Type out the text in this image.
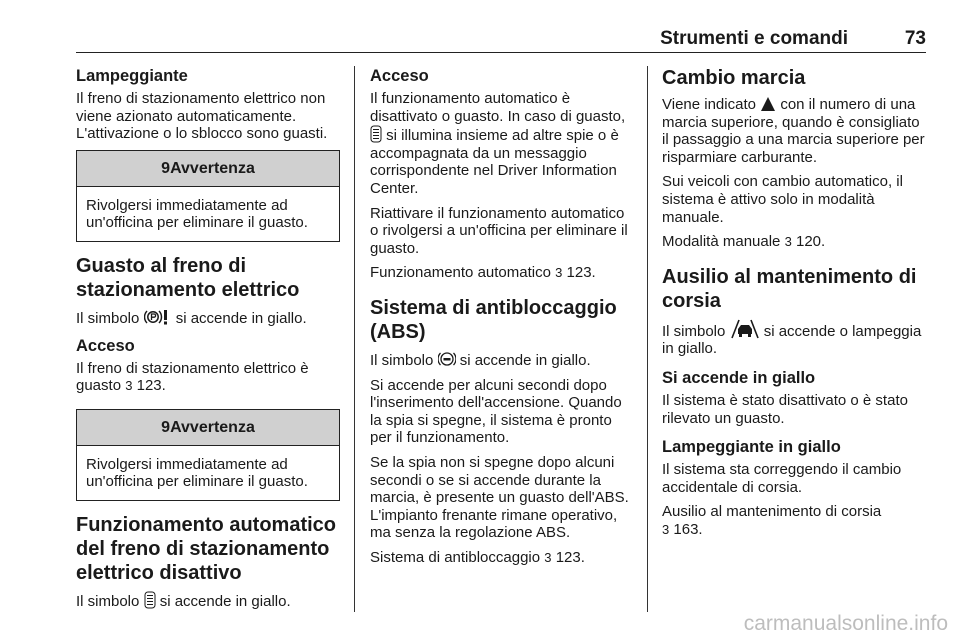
Strumenti e comandi	73
Lampeggiante
Il freno di stazionamento elettrico non viene azionato automaticamente. L'attivazione o lo sblocco sono guasti.
9Avvertenza
Rivolgersi immediatamente ad un'officina per eliminare il guasto.
Guasto al freno di stazionamento elettrico
Il simbolo si accende in giallo.
Acceso
Il freno di stazionamento elettrico è guasto 3 123.
9Avvertenza
Rivolgersi immediatamente ad un'officina per eliminare il guasto.
Funzionamento automatico del freno di stazionamento elettrico disattivo
Il simbolo si accende in giallo.
Acceso
Il funzionamento automatico è disattivato o guasto. In caso di guasto,  si illumina insieme ad altre spie o è accompagnata da un messaggio corrispondente nel Driver Information Center.
Riattivare il funzionamento automatico o rivolgersi a un'officina per eliminare il guasto.
Funzionamento automatico 3 123.
Sistema di antibloccaggio (ABS)
Il simbolo si accende in giallo.
Si accende per alcuni secondi dopo l'inserimento dell'accensione. Quando la spia si spegne, il sistema è pronto per il funzionamento.
Se la spia non si spegne dopo alcuni secondi o se si accende durante la marcia, è presente un guasto dell'ABS. L'impianto frenante rimane operativo, ma senza la regolazione ABS.
Sistema di antibloccaggio 3 123.
Cambio marcia
Viene indicato con il numero di una marcia superiore, quando è consigliato il passaggio a una marcia superiore per risparmiare carburante.
Sui veicoli con cambio automatico, il sistema è attivo solo in modalità manuale.
Modalità manuale 3 120.
Ausilio al mantenimento di corsia
Il simbolo	si accende o lampeggia in giallo.
Si accende in giallo
Il sistema è stato disattivato o è stato rilevato un guasto.
Lampeggiante in giallo
Il sistema sta correggendo il cambio accidentale di corsia.
Ausilio al mantenimento di corsia
3 163.
carmanualsonline.info
